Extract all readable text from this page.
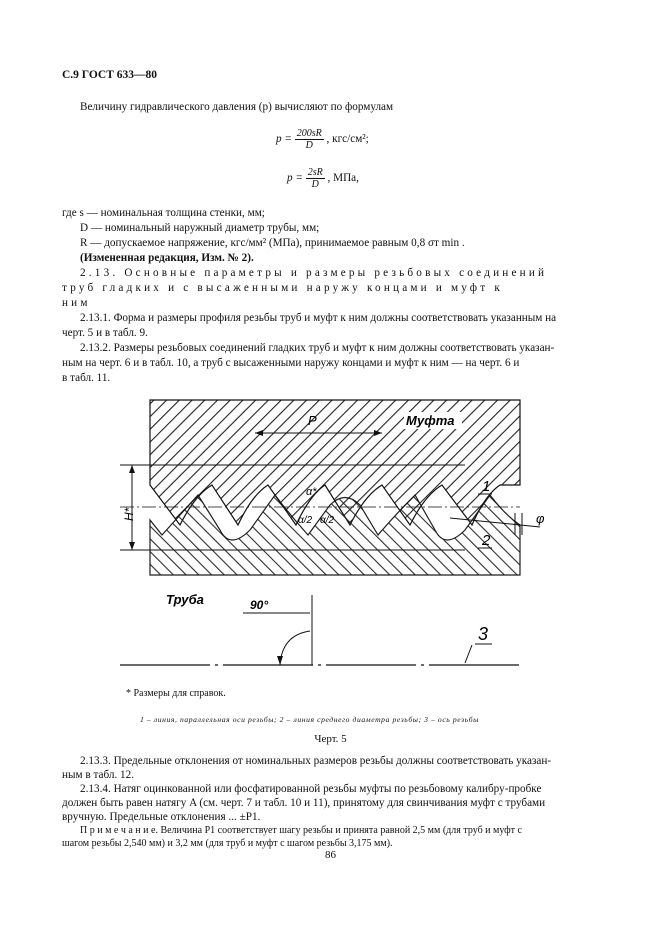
С.9 ГОСТ 633—80
Величину гидравлического давления (p) вычисляют по формулам
$p = \frac{200sR}{D}$ , кгс/см²;
$p = \frac{2sR}{D}$ , МПа,
где s — номинальная толщина стенки, мм;
D — номинальный наружный диаметр трубы, мм;
R — допускаемое напряжение, кгс/мм² (МПа), принимаемое равным 0,8 σт min .
(Измененная редакция, Изм. № 2).
2.13. Основные параметры и размеры резьбовых соединений
труб гладких и с высаженными наружу концами и муфт к
ним
2.13.1. Форма и размеры профиля резьбы труб и муфт к ним должны соответствовать указанным на
черт. 5 и в табл. 9.
2.13.2. Размеры резьбовых соединений гладких труб и муфт к ним должны соответствовать указан-
ным на черт. 6 и в табл. 10, а труб с высаженными наружу концами и муфт к ним — на черт. 6 и
в табл. 11.
P
H*
α*
α/2 α/2
Муфта
Труба
1
2
φ
90°
3
* Размеры для справок.
1 – линия, параллельная оси резьбы; 2 – линия среднего диаметра резьбы; 3 – ось резьбы
Черт. 5
2.13.3. Предельные отклонения от номинальных размеров резьбы должны соответствовать указан-
ным в табл. 12.
2.13.4. Натяг оцинкованной или фосфатированной резьбы муфты по резьбовому калибру-пробке
должен быть равен натягу A (см. черт. 7 и табл. 10 и 11), принятому для свинчивания муфт с трубами
вручную. Предельные отклонения ... ±P1.
П р и м е ч а н и е. Величина P1 соответствует шагу резьбы и принята равной 2,5 мм (для труб и муфт с
шагом резьбы 2,540 мм) и 3,2 мм (для труб и муфт с шагом резьбы 3,175 мм).
86
